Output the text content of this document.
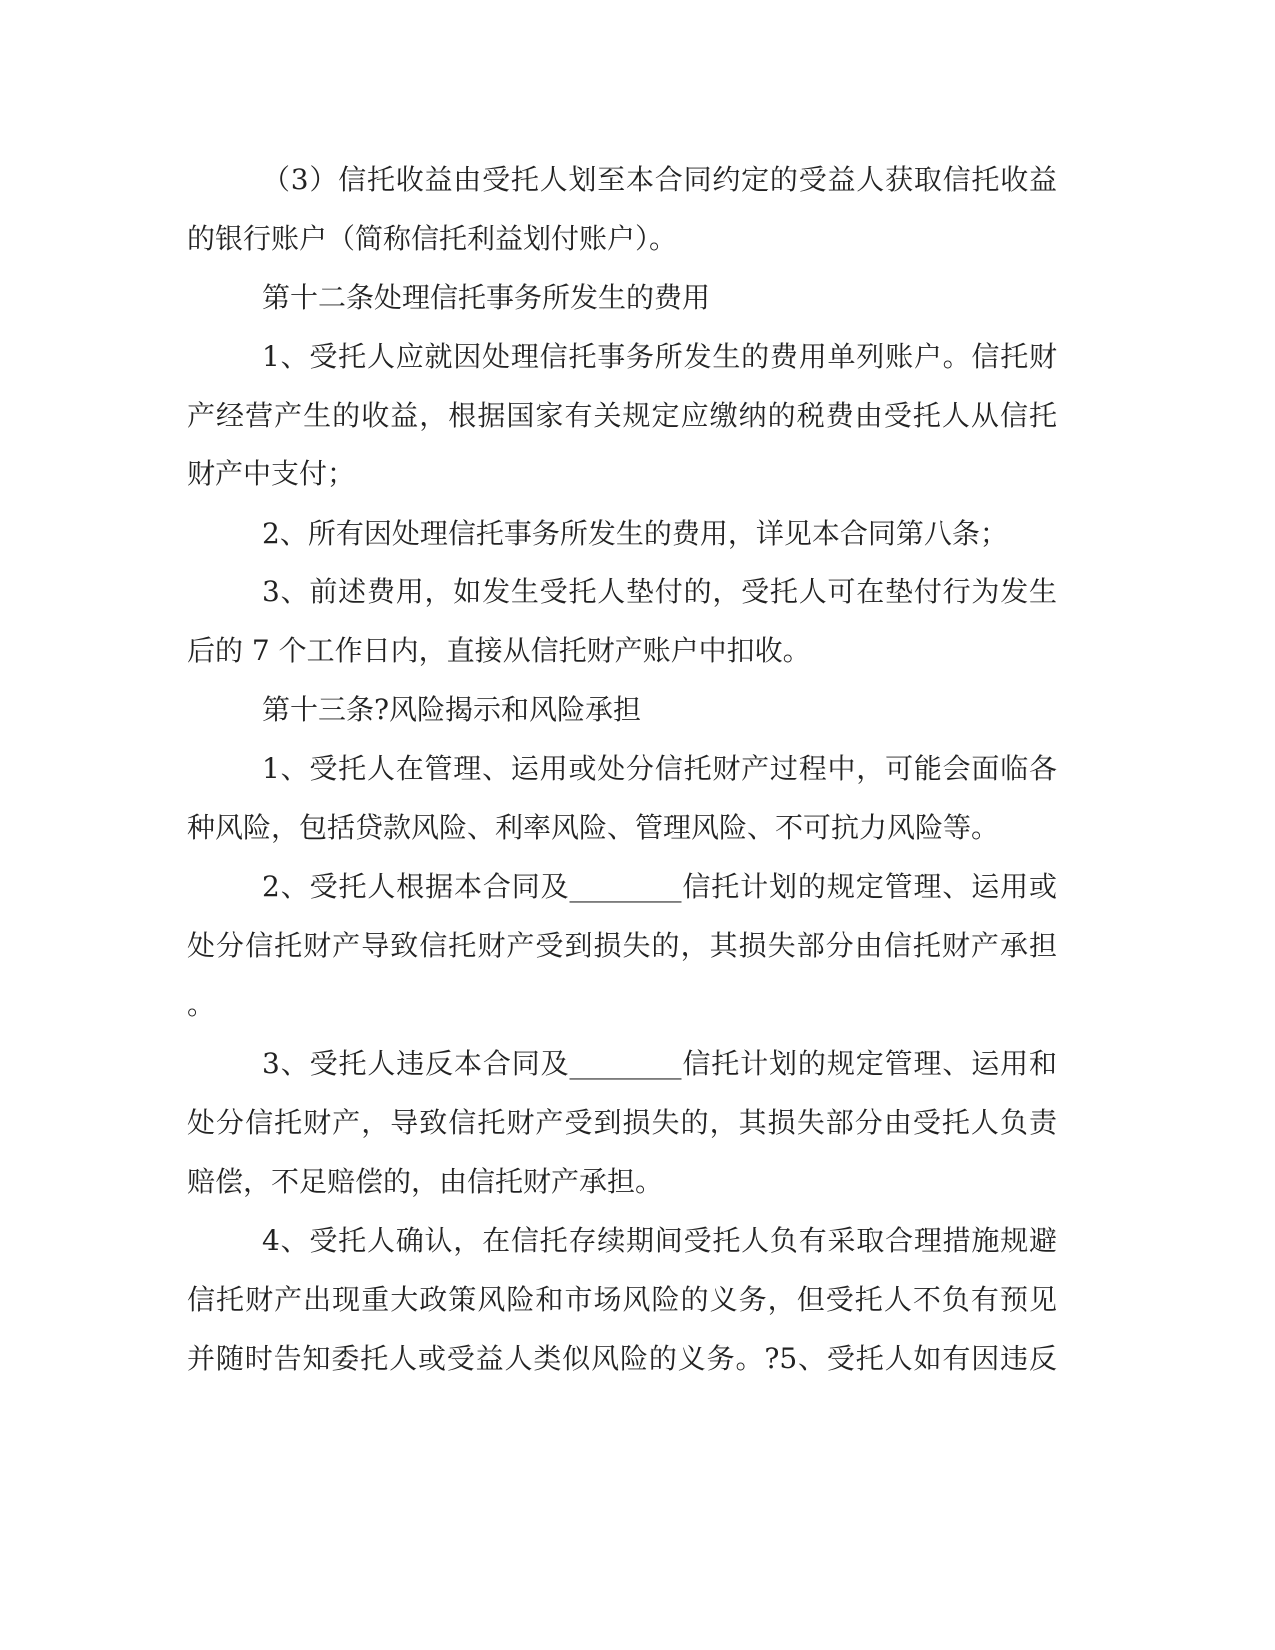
（3）信托收益由受托人划至本合同约定的受益人获取信托收益
的银行账户（简称信托利益划付账户）。
第十二条处理信托事务所发生的费用
1、受托人应就因处理信托事务所发生的费用单列账户。信托财
产经营产生的收益，根据国家有关规定应缴纳的税费由受托人从信托
财产中支付；
2、所有因处理信托事务所发生的费用，详见本合同第八条；
3、前述费用，如发生受托人垫付的，受托人可在垫付行为发生
后的 7 个工作日内，直接从信托财产账户中扣收。
第十三条?风险揭示和风险承担
1、受托人在管理、运用或处分信托财产过程中，可能会面临各
种风险，包括贷款风险、利率风险、管理风险、不可抗力风险等。
2、受托人根据本合同及________信托计划的规定管理、运用或
处分信托财产导致信托财产受到损失的，其损失部分由信托财产承担
。
3、受托人违反本合同及________信托计划的规定管理、运用和
处分信托财产，导致信托财产受到损失的，其损失部分由受托人负责
赔偿，不足赔偿的，由信托财产承担。
4、受托人确认，在信托存续期间受托人负有采取合理措施规避
信托财产出现重大政策风险和市场风险的义务，但受托人不负有预见
并随时告知委托人或受益人类似风险的义务。?5、受托人如有因违反
